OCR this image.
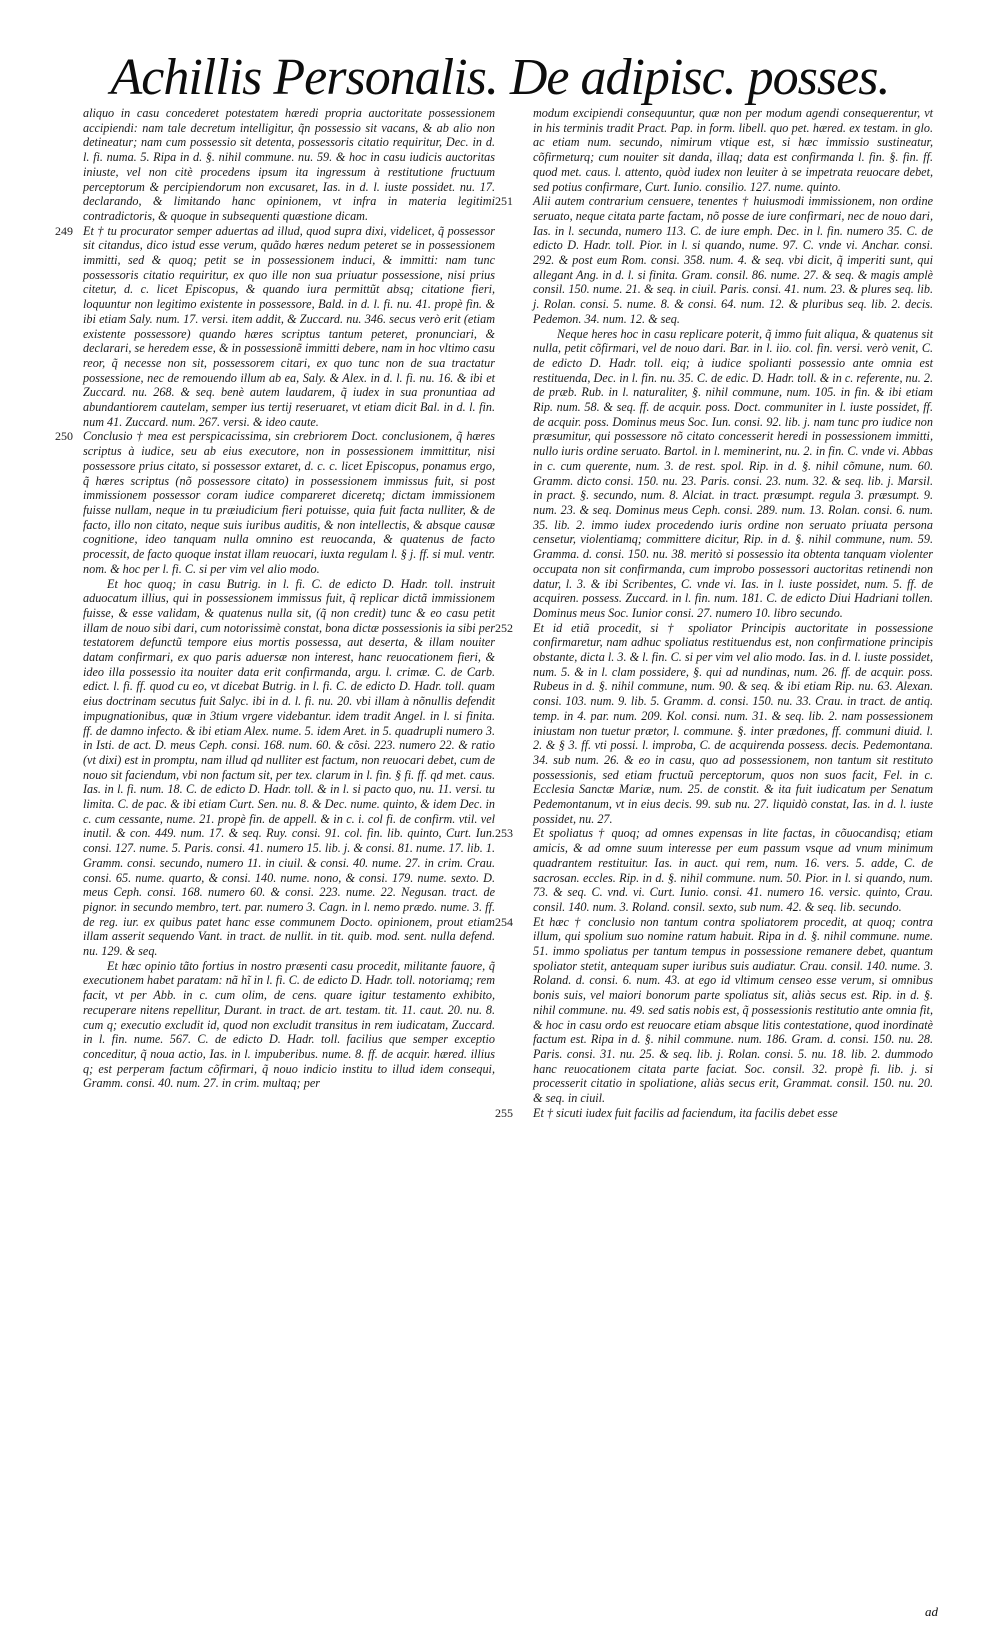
Achillis Personalis. De adipisc. posses.

aliquo in casu concederet potestatem hæredi propria auctoritate possessionem accipiendi: nam tale decretum intelligitur, q̃n possessio sit vacans, & ab alio non detineatur; nam cum possessio sit detenta, possessoris citatio requiritur, Dec. in d. l. fi. numa. 5. Ripa in d. §. nihil commune. nu. 59. & hoc in casu iudicis auctoritas iniuste, vel non citè procedens ipsum ita ingressum à restitutione fructuum perceptorum & percipiendorum non excusaret, Ias. in d. l. iuste possidet. nu. 17. declarando, & limitando hanc opinionem, vt infra in materia legitimi contradictoris, & quoque in subsequenti quæstione dicam.

249 Et † tu procurator semper aduertas ad illud, quod supra dixi, videlicet, q̃ possessor sit citandus, dico istud esse verum, quãdo hæres nedum peteret se in possessionem immitti, sed & quoq; petit se in possessionem induci, & immitti: nam tunc possessoris citatio requiritur, ex quo ille non sua priuatur possessione, nisi prius citetur, d. c. licet Episcopus, & quando iura permittũt absq; citatione fieri, loquuntur non legitimo existente in possessore, Bald. in d. l. fi. nu. 41. propè fin. & ibi etiam Saly. num. 17. versi. item addit, & Zuccard. nu. 346. secus verò erit (etiam existente possessore) quando hæres scriptus tantum peteret, pronunciari, & declarari, se heredem esse, & in possessionẽ immitti debere, nam in hoc vltimo casu reor, q̃ necesse non sit, possessorem citari, ex quo tunc non de sua tractatur possessione, nec de remouendo illum ab ea, Saly. & Alex. in d. l. fi. nu. 16. & ibi et Zuccard. nu. 268. & seq. benè autem laudarem, q̃ iudex in sua pronuntiaa ad abundantiorem cautelam, semper ius tertij reseruaret, vt etiam dicit Bal. in d. l. fin. num 41. Zuccard. num. 267. versi. & ideo caute.

250 Conclusio † mea est perspicacissima, sin crebriorem Doct. conclusionem, q̃ hæres scriptus à iudice, seu ab eius executore, non in possessionem immittitur, nisi possessore prius citato, si possessor extaret, d. c. c. licet Episcopus, ponamus ergo, q̃ hæres scriptus (nõ possessore citato) in possessionem immissus fuit, si post immissionem possessor coram iudice compareret diceretq; dictam immissionem fuisse nullam, neque in tu præiudicium fieri potuisse, quia fuit facta nulliter, & de facto, illo non citato, neque suis iuribus auditis, & non intellectis, & absque causæ cognitione, ideo tanquam nulla omnino est reuocanda, & quatenus de facto processit, de facto quoque instat illam reuocari, iuxta regulam l. § j. ff. si mul. ventr. nom. & hoc per l. fi. C. si per vim vel alio modo.

Et hoc quoq; in casu Butrig. in l. fi. C. de edicto D. Hadr. toll. instruit aduocatum illius, qui in possessionem immissus fuit, q̃ replicar dictã immissionem fuisse, & esse validam, & quatenus nulla sit, (q̃ non credit) tunc & eo casu petit illam de nouo sibi dari, cum notorissimè constat, bona dictæ possessionis ia sibi per testatorem defunctũ tempore eius mortis possessa, aut deserta, & illam nouiter datam confirmari, ex quo paris aduersæ non interest, hanc reuocationem fieri, & ideo illa possessio ita nouiter data erit confirmanda, argu. l. crimæ. C. de Carb. edict. l. fi. ff. quod cu eo, vt dicebat Butrig. in l. fi. C. de edicto D. Hadr. toll. quam eius doctrinam secutus fuit Salyc. ibi in d. l. fi. nu. 20. vbi illam à nõnullis defendit impugnationibus, quæ in 3tium vrgere videbantur. idem tradit Angel. in l. si finita. ff. de damno infecto. & ibi etiam Alex. nume. 5. idem Aret. in 5. quadrupli numero 3. in Isti. de act. D. meus Ceph. consi. 168. num. 60. & cõsi. 223. numero 22. & ratio (vt dixi) est in promptu, nam illud qd nulliter est factum, non reuocari debet, cum de nouo sit faciendum, vbi non factum sit, per tex. clarum in l. fin. § fi. ff. qd met. caus. Ias. in l. fi. num. 18. C. de edicto D. Hadr. toll. & in l. si pacto quo, nu. 11. versi. tu limita. C. de pac. & ibi etiam Curt. Sen. nu. 8. & Dec. nume. quinto, & idem Dec. in c. cum cessante, nume. 21. propè fin. de appell. & in c. i. col fi. de confirm. vtil. vel inutil. & con. 449. num. 17. & seq. Ruy. consi. 91. col. fin. lib. quinto, Curt. Iun. consi. 127. nume. 5. Paris. consi. 41. numero 15. lib. j. & consi. 81. nume. 17. lib. 1. Gramm. consi. secundo, numero 11. in ciuil. & consi. 40. nume. 27. in crim. Crau. consi. 65. nume. quarto, & consi. 140. nume. nono, & consi. 179. nume. sexto. D. meus Ceph. consi. 168. numero 60. & consi. 223. nume. 22. Negusan. tract. de pignor. in secundo membro, tert. par. numero 3. Cagn. in l. nemo prædo. nume. 3. ff. de reg. iur. ex quibus patet hanc esse communem Docto. opinionem, prout etiam illam asserit sequendo Vant. in tract. de nullit. in tit. quib. mod. sent. nulla defend. nu. 129. & seq.

Et hæc opinio tãto fortius in nostro præsenti casu procedit, militante fauore, q̃ executionem habet paratam: nã hĩ in l. fi. C. de edicto D. Hadr. toll. notoriamq; rem facit, vt per Abb. in c. cum olim, de cens. quare igitur testamento exhibito, recuperare nitens repellitur, Durant. in tract. de art. testam. tit. 11. caut. 20. nu. 8. cum q; executio excludit id, quod non excludit transitus in rem iudicatam, Zuccard. in l. fin. nume. 567. C. de edicto D. Hadr. toll. facilius que semper exceptio conceditur, q̃ noua actio, Ias. in l. impuberibus. nume. 8. ff. de acquir. hæred. illius q; est perperam factum cõfirmari, q̃ nouo indicio institu to illud idem consequi, Gramm. consi. 40. num. 27. in crim. multaq; per

modum excipiendi consequuntur, quæ non per modum agendi consequerentur, vt in his terminis tradit Pract. Pap. in form. libell. quo pet. hæred. ex testam. in glo. ac etiam num. secundo, nimirum vtique est, si hæc immissio sustineatur, cõfirmeturq; cum nouiter sit danda, illaq; data est confirmanda l. fin. §. fin. ff. quod met. caus. l. attento, quòd iudex non leuiter à se impetrata reuocare debet, sed potius confirmare, Curt. Iunio. consilio. 127. nume. quinto.

251 Alii autem contrarium censuere, tenentes † huiusmodi immissionem, non ordine seruato, neque citata parte factam, nõ posse de iure confirmari, nec de nouo dari, Ias. in l. secunda, numero 113. C. de iure emph. Dec. in l. fin. numero 35. C. de edicto D. Hadr. toll. Pior. in l. si quando, nume. 97. C. vnde vi. Anchar. consi. 292. & post eum Rom. consi. 358. num. 4. & seq. vbi dicit, q̃ imperiti sunt, qui allegant Ang. in d. l. si finita. Gram. consil. 86. nume. 27. & seq. & magis amplè consil. 150. nume. 21. & seq. in ciuil. Paris. consi. 41. num. 23. & plures seq. lib. j. Rolan. consi. 5. nume. 8. & consi. 64. num. 12. & pluribus seq. lib. 2. decis. Pedemon. 34. num. 12. & seq.

Neque heres hoc in casu replicare poterit, q̃ immo fuit aliqua, & quatenus sit nulla, petit cõfirmari, vel de nouo dari. Bar. in l. iio. col. fin. versi. verò venit, C. de edicto D. Hadr. toll. eiq; à iudice spolianti possessio ante omnia est restituenda, Dec. in l. fin. nu. 35. C. de edic. D. Hadr. toll. & in c. referente, nu. 2. de præb. Rub. in l. naturaliter, §. nihil commune, num. 105. in fin. & ibi etiam Rip. num. 58. & seq. ff. de acquir. poss. Doct. communiter in l. iuste possidet, ff. de acquir. poss. Dominus meus Soc. Iun. consi. 92. lib. j. nam tunc pro iudice non præsumitur, qui possessore nõ citato concesserit heredi in possessionem immitti, nullo iuris ordine seruato. Bartol. in l. meminerint, nu. 2. in fin. C. vnde vi. Abbas in c. cum querente, num. 3. de rest. spol. Rip. in d. §. nihil cõmune, num. 60. Gramm. dicto consi. 150. nu. 23. Paris. consi. 23. num. 32. & seq. lib. j. Marsil. in pract. §. secundo, num. 8. Alciat. in tract. præsumpt. regula 3. præsumpt. 9. num. 23. & seq. Dominus meus Ceph. consi. 289. num. 13. Rolan. consi. 6. num. 35. lib. 2. immo iudex procedendo iuris ordine non seruato priuata persona censetur, violentiamq; committere dicitur, Rip. in d. §. nihil commune, num. 59. Gramma. d. consi. 150. nu. 38. meritò si possessio ita obtenta tanquam violenter occupata non sit confirmanda, cum improbo possessori auctoritas retinendi non datur, l. 3. & ibi Scribentes, C. vnde vi. Ias. in l. iuste possidet, num. 5. ff. de acquiren. possess. Zuccard. in l. fin. num. 181. C. de edicto Diui Hadriani tollen. Dominus meus Soc. Iunior consi. 27. numero 10. libro secundo.

252 Et id etiã procedit, si † spoliator Principis auctoritate in possessione confirmaretur, nam adhuc spoliatus restituendus est, non confirmatione principis obstante, dicta l. 3. & l. fin. C. si per vim vel alio modo. Ias. in d. l. iuste possidet, num. 5. & in l. clam possidere, §. qui ad nundinas, num. 26. ff. de acquir. poss. Rubeus in d. §. nihil commune, num. 90. & seq. & ibi etiam Rip. nu. 63. Alexan. consi. 103. num. 9. lib. 5. Gramm. d. consi. 150. nu. 33. Crau. in tract. de antiq. temp. in 4. par. num. 209. Kol. consi. num. 31. & seq. lib. 2. nam possessionem iniustam non tuetur prætor, l. commune. §. inter prædones, ff. communi diuid. l. 2. & § 3. ff. vti possi. l. improba, C. de acquirenda possess. decis. Pedemontana. 34. sub num. 26. & eo in casu, quo ad possessionem, non tantum sit restituto possessionis, sed etiam fructuũ perceptorum, quos non suos facit, Fel. in c. Ecclesia Sanctæ Mariæ, num. 25. de constit. & ita fuit iudicatum per Senatum Pedemontanum, vt in eius decis. 99. sub nu. 27. liquidò constat, Ias. in d. l. iuste possidet, nu. 27.

253 Et spoliatus † quoq; ad omnes expensas in lite factas, in cõuocandisq; etiam amicis, & ad omne suum interesse per eum passum vsque ad vnum minimum quadrantem restituitur. Ias. in auct. qui rem, num. 16. vers. 5. adde, C. de sacrosan. eccles. Rip. in d. §. nihil commune. num. 50. Pior. in l. si quando, num. 73. & seq. C. vnd. vi. Curt. Iunio. consi. 41. numero 16. versic. quinto, Crau. consil. 140. num. 3. Roland. consil. sexto, sub num. 42. & seq. lib. secundo.

254 Et hæc † conclusio non tantum contra spoliatorem procedit, at quoq; contra illum, qui spolium suo nomine ratum habuit. Ripa in d. §. nihil commune. nume. 51. immo spoliatus per tantum tempus in possessione remanere debet, quantum spoliator stetit, antequam super iuribus suis audiatur. Crau. consil. 140. nume. 3. Roland. d. consi. 6. num. 43. at ego id vltimum censeo esse verum, si omnibus bonis suis, vel maiori bonorum parte spoliatus sit, aliàs secus est. Rip. in d. §. nihil commune. nu. 49. sed satis nobis est, q̃ possessionis restitutio ante omnia fit, & hoc in casu ordo est reuocare etiam absque litis contestatione, quod inordinatè factum est. Ripa in d. §. nihil commune. num. 186. Gram. d. consi. 150. nu. 28. Paris. consi. 31. nu. 25. & seq. lib. j. Rolan. consi. 5. nu. 18. lib. 2. dummodo hanc reuocationem citata parte faciat. Soc. consil. 32. propè fi. lib. j. si processerit citatio in spoliatione, aliàs secus erit, Grammat. consil. 150. nu. 20. & seq. in ciuil.

255 Et † sicuti iudex fuit facilis ad faciendum, ita facilis debet esse

ad
